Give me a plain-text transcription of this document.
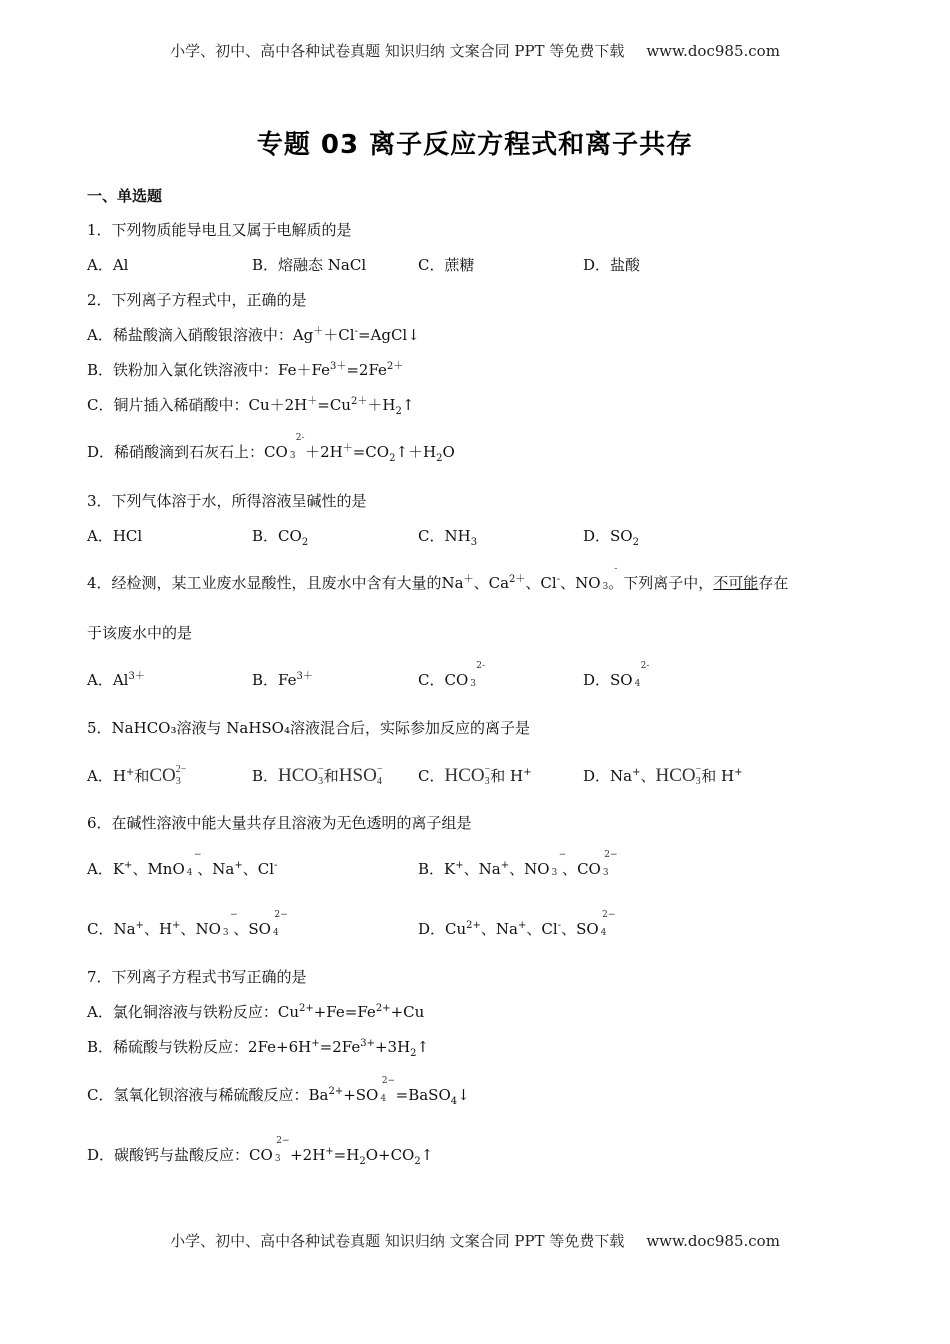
小学、初中、高中各种试卷真题 知识归纳 文案合同 PPT 等免费下载 www.doc985.com
专题 03 离子反应方程式和离子共存
一、单选题
1．下列物质能导电且又属于电解质的是
A．Al	B．熔融态 NaCl	C．蔗糖	D．盐酸
2．下列离子方程式中，正确的是
A．稀盐酸滴入硝酸银溶液中：Ag＋＋Cl-=AgCl↓
B．铁粉加入氯化铁溶液中：$Fe+Fe^{3+}=2Fe^{2+}$
C．铜片插入稀硝酸中：$Cu+2H^+=Cu^{2+}+H_2↑$
D．稀硝酸滴到石灰石上：CO 3
2-
$+2H^+=CO_2↑+H_2O$
3．下列气体溶于水，所得溶液呈碱性的是
A．HCl	B．$CO_2$	C．$NH_3$	D．$SO_2$
4．经检测，某工业废水显酸性，且废水中含有大量的Na＋、$Ca^{2+}$、Cl-、NO 3
-
。下列离子中，不可能存在
于该废水中的是
A．$Al^{3+}$	B．$Fe^{3+}$	C．CO 3
2-
D．SO 4
2-
5．NaHCO₃溶液与 NaHSO₄溶液混合后，实际参加反应的离子是
A．H+和$CO3^{2-}$	B．HCO3−和HSO4− C．HCO3−和 H+	D．Na+、HCO3−和 H+
6．在碱性溶液中能大量共存且溶液为无色透明的离子组是
A．K+、MnO 4
−
、Na+、Cl-	B．K+、Na+、NO 3
−
、CO 3
2−
C．Na+、H+、NO 3
−
、SO 4
2−
D．$Cu^{2+}$、Na+、Cl-、SO 4
2−
7．下列离子方程式书写正确的是
A．氯化铜溶液与铁粉反应：$Cu^{2+}+Fe=Fe^{2+}+Cu$
B．稀硫酸与铁粉反应：$2Fe+6H^+=2Fe^{3+}+3H_2↑$
C．氢氧化钡溶液与稀硫酸反应：$Ba^{2+}+SO$ 4
2−
=BaSO$_4$↓
D．碳酸钙与盐酸反应：CO 3
2−
$+2H^+=H_2O+CO_2↑$
小学、初中、高中各种试卷真题 知识归纳 文案合同 PPT 等免费下载 www.doc985.com
